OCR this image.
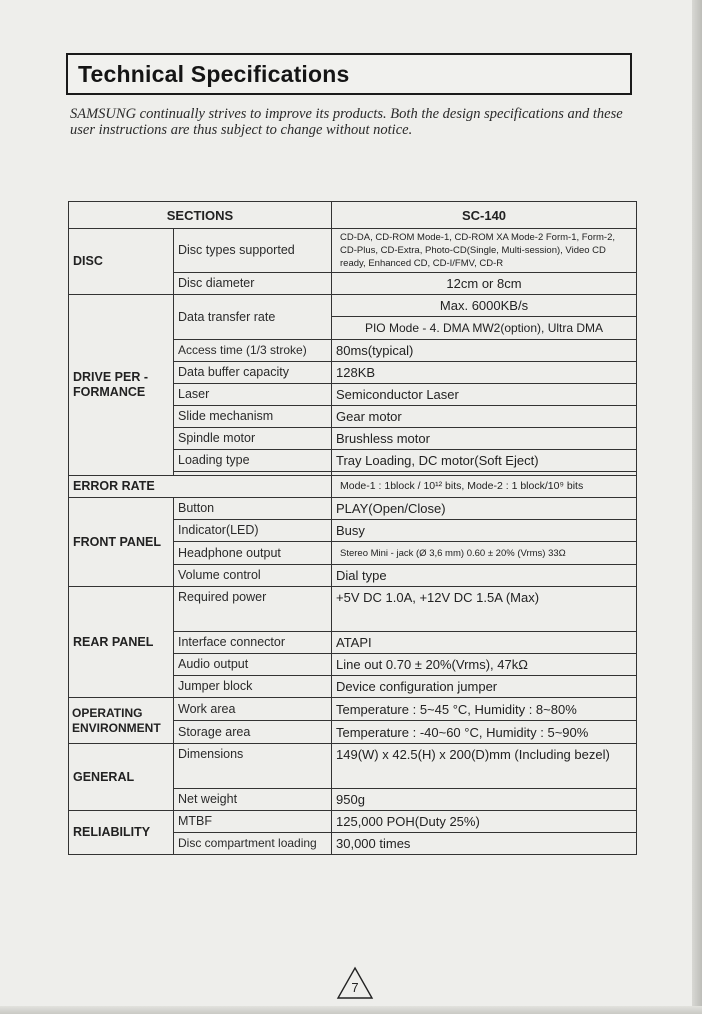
Technical Specifications

SAMSUNG continually strives to improve its products. Both the design specifications and these user instructions are thus subject to change without notice.

SECTIONS		SC-140
DISC	Disc types supported	CD-DA, CD-ROM Mode-1, CD-ROM XA Mode-2 Form-1, Form-2, CD-Plus, CD-Extra, Photo-CD(Single, Multi-session), Video CD ready, Enhanced CD, CD-I/FMV, CD-R
	Disc diameter	12cm or 8cm
DRIVE PER - FORMANCE	Data transfer rate	Max. 6000KB/s
		PIO Mode - 4. DMA MW2(option), Ultra DMA
	Access time (1/3 stroke)	80ms(typical)
	Data buffer capacity	128KB
	Laser	Semiconductor Laser
	Slide mechanism	Gear motor
	Spindle motor	Brushless motor
	Loading type	Tray Loading, DC motor(Soft Eject)

ERROR RATE		Mode-1 : 1block / 10¹² bits, Mode-2 : 1 block/10⁹ bits
FRONT PANEL	Button	PLAY(Open/Close)
	Indicator(LED)	Busy
	Headphone output	Stereo Mini - jack (Ø 3,6 mm) 0.60 ± 20% (Vrms) 33Ω
	Volume control	Dial type
REAR PANEL	Required power	+5V DC 1.0A, +12V DC 1.5A (Max)
	Interface connector	ATAPI
	Audio output	Line out 0.70 ± 20%(Vrms), 47kΩ
	Jumper block	Device configuration jumper
OPERATING ENVIRONMENT	Work area	Temperature : 5~45 °C, Humidity : 8~80%
	Storage area	Temperature : -40~60 °C, Humidity : 5~90%
GENERAL	Dimensions	149(W) x 42.5(H) x 200(D)mm (Including bezel)
	Net weight	950g
RELIABILITY	MTBF	125,000 POH(Duty 25%)
	Disc compartment loading	30,000 times
7
